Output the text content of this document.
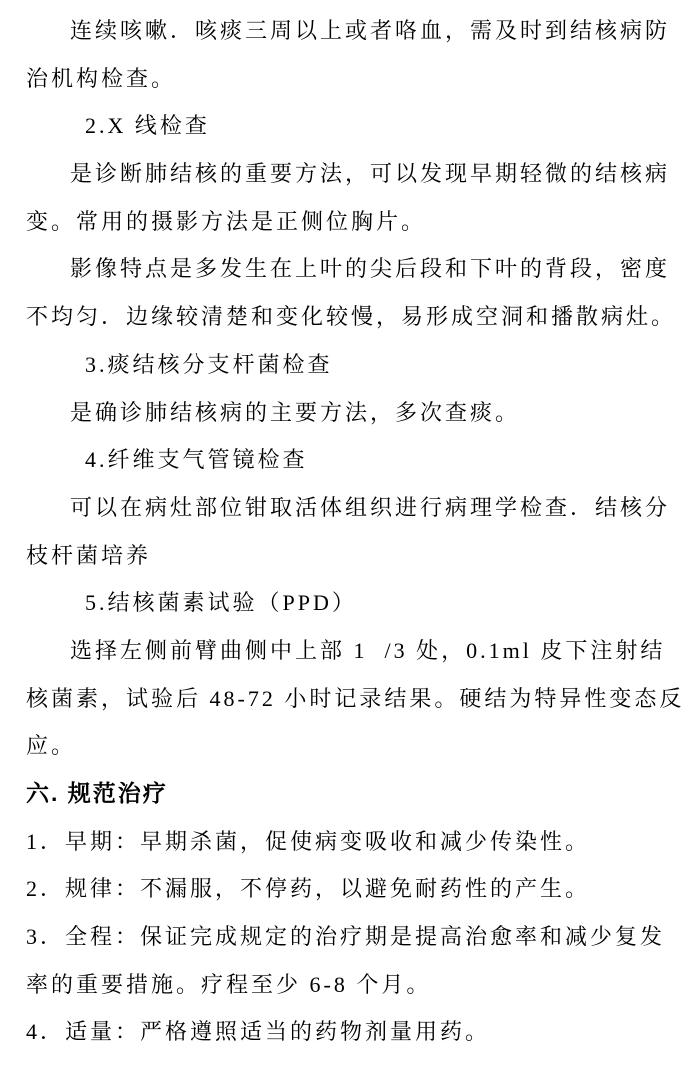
连续咳嗽．咳痰三周以上或者咯血，需及时到结核病防
治机构检查。
2.X 线检查
是诊断肺结核的重要方法，可以发现早期轻微的结核病
变。常用的摄影方法是正侧位胸片。
影像特点是多发生在上叶的尖后段和下叶的背段，密度
不均匀．边缘较清楚和变化较慢，易形成空洞和播散病灶。
3.痰结核分支杆菌检查
是确诊肺结核病的主要方法，多次查痰。
4.纤维支气管镜检查
可以在病灶部位钳取活体组织进行病理学检查．结核分
枝杆菌培养
5.结核菌素试验（PPD）
选择左侧前臂曲侧中上部 1  /3 处，0.1ml 皮下注射结
核菌素，试验后 48-72 小时记录结果。硬结为特异性变态反
应。
六. 规范治疗
1．早期：早期杀菌，促使病变吸收和减少传染性。
2．规律：不漏服，不停药，以避免耐药性的产生。
3．全程：保证完成规定的治疗期是提高治愈率和减少复发
率的重要措施。疗程至少 6-8 个月。
4．适量：严格遵照适当的药物剂量用药。
